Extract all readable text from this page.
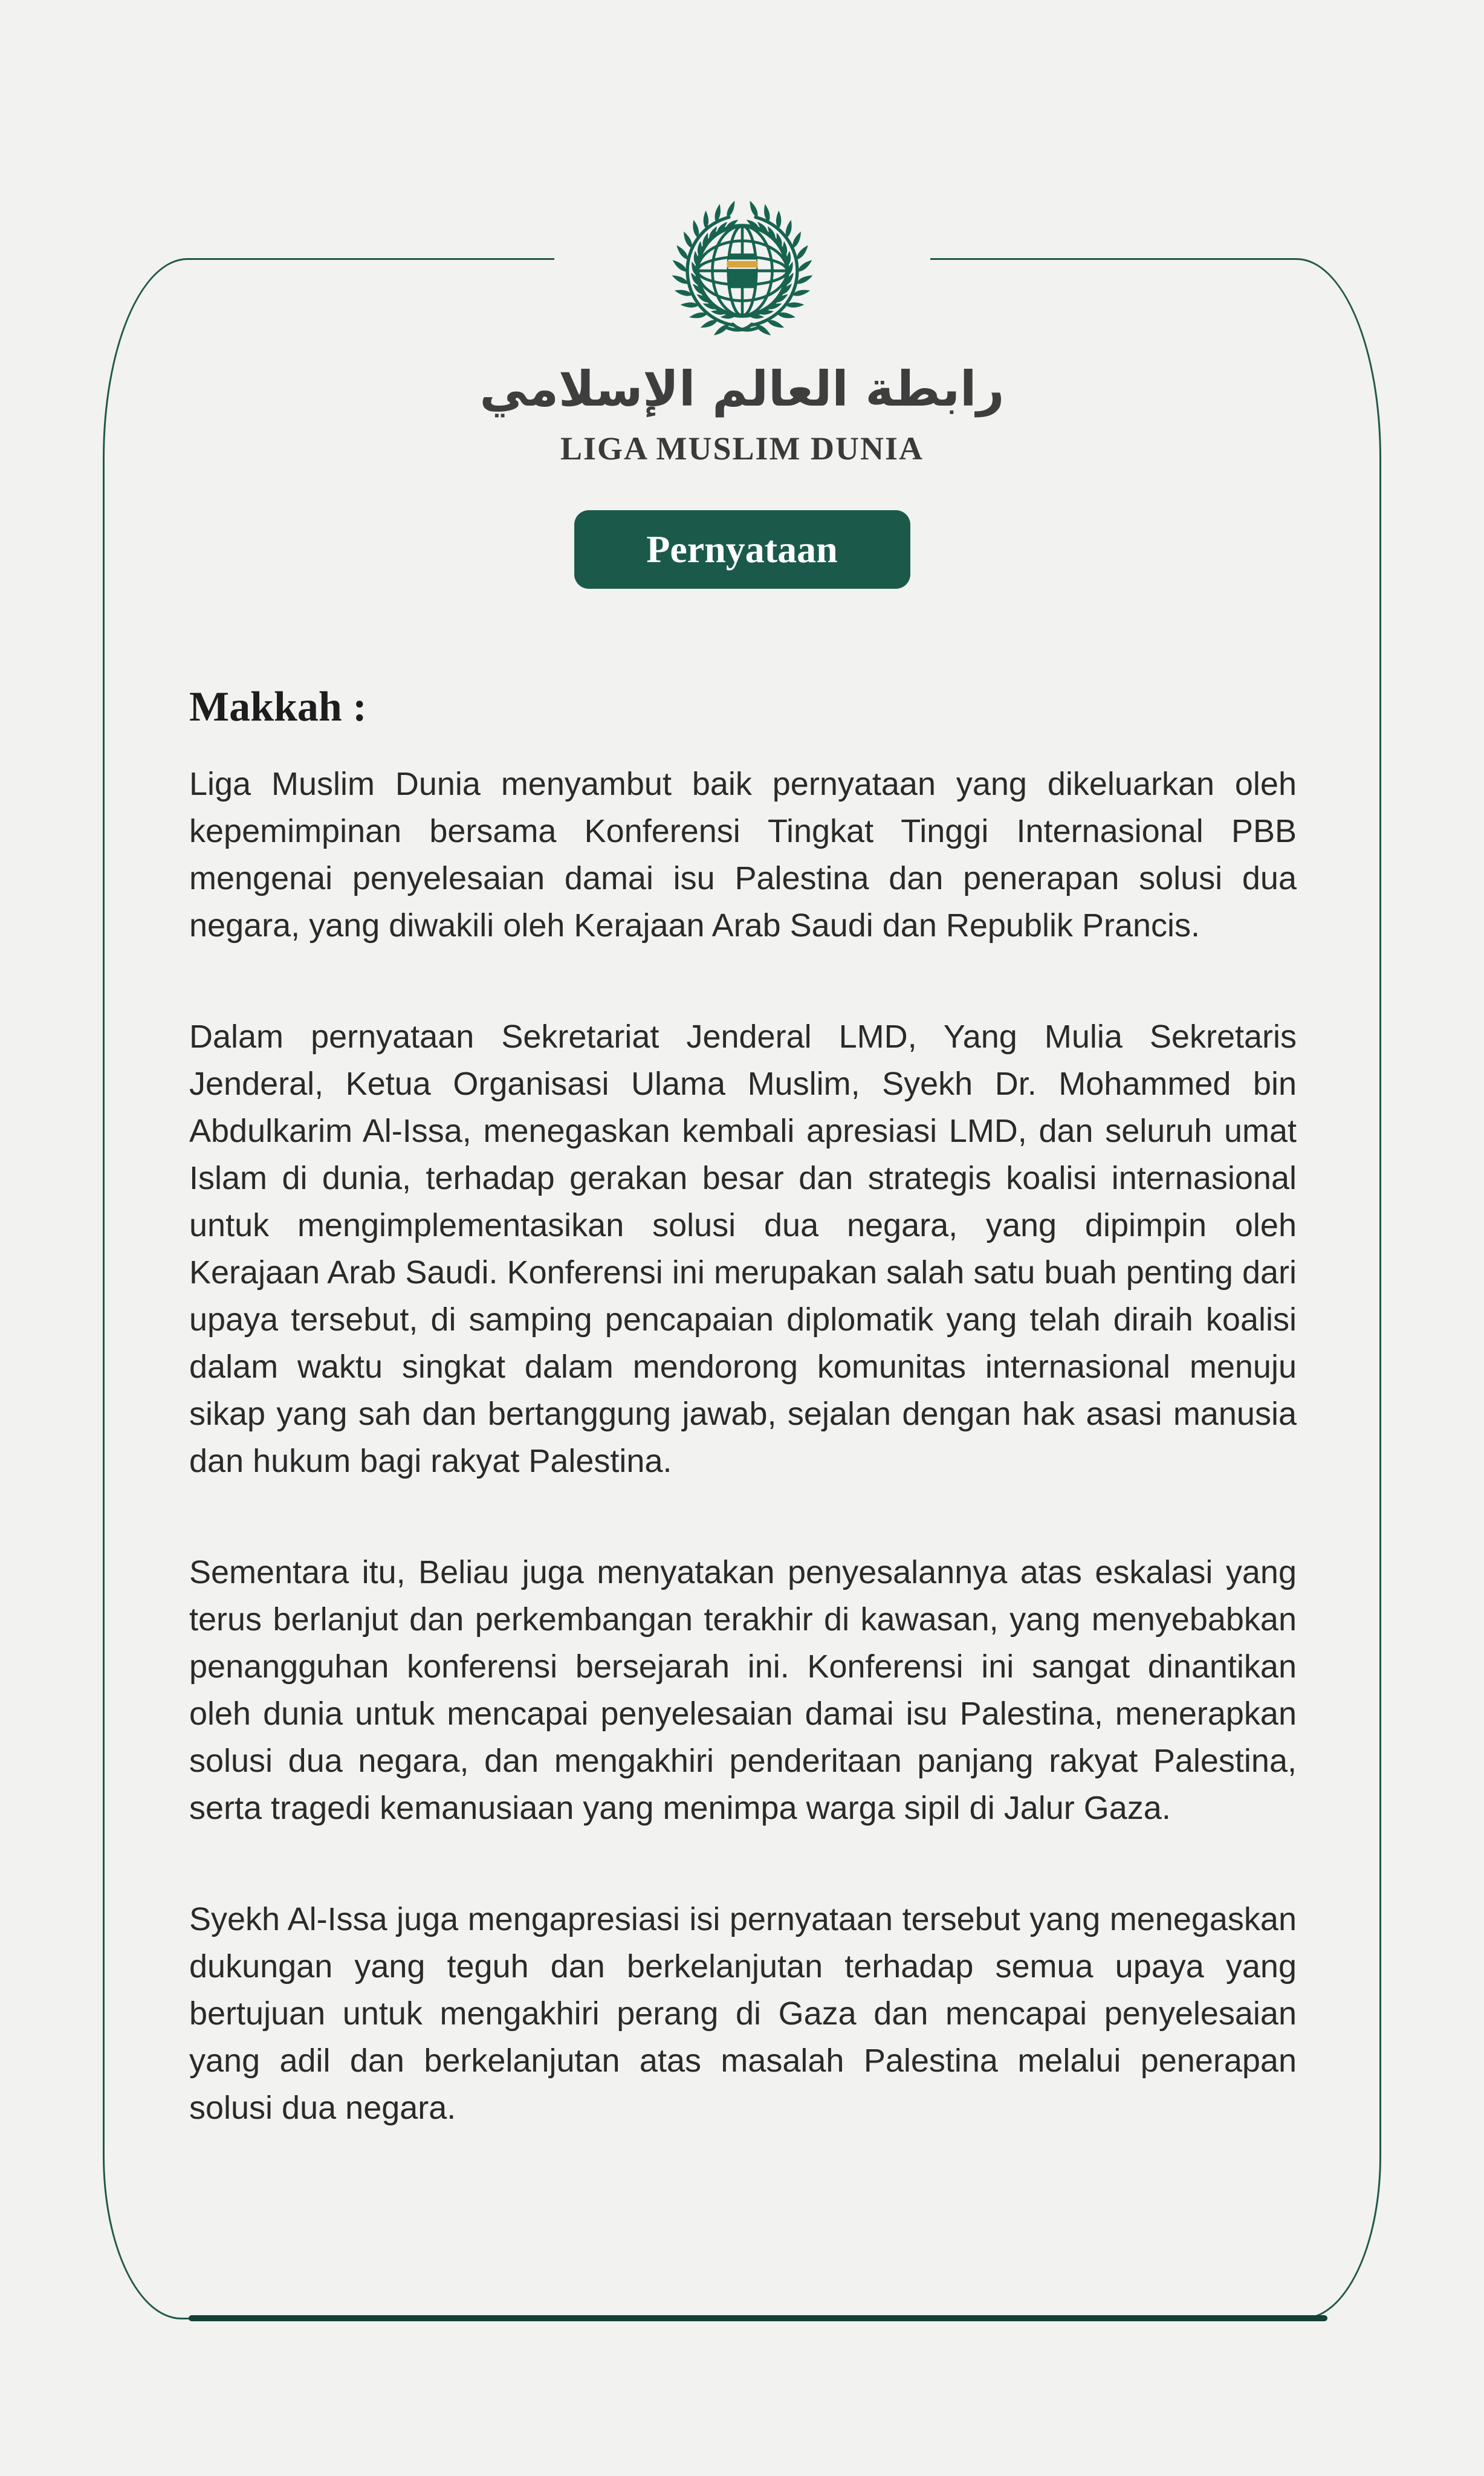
رابطة العالم الإسلامي
LIGA MUSLIM DUNIA
Pernyataan
Makkah :

Liga Muslim Dunia menyambut baik pernyataan yang dikeluarkan oleh kepemimpinan bersama Konferensi Tingkat Tinggi Internasional PBB mengenai penyelesaian damai isu Palestina dan penerapan solusi dua negara, yang diwakili oleh Kerajaan Arab Saudi dan Republik Prancis.

Dalam pernyataan Sekretariat Jenderal LMD, Yang Mulia Sekretaris Jenderal, Ketua Organisasi Ulama Muslim, Syekh Dr. Mohammed bin Abdulkarim Al-Issa, menegaskan kembali apresiasi LMD, dan seluruh umat Islam di dunia, terhadap gerakan besar dan strategis koalisi internasional untuk mengimplementasikan solusi dua negara, yang dipimpin oleh Kerajaan Arab Saudi. Konferensi ini merupakan salah satu buah penting dari upaya tersebut, di samping pencapaian diplomatik yang telah diraih koalisi dalam waktu singkat dalam mendorong komunitas internasional menuju sikap yang sah dan bertanggung jawab, sejalan dengan hak asasi manusia dan hukum bagi rakyat Palestina.

Sementara itu, Beliau juga menyatakan penyesalannya atas eskalasi yang terus berlanjut dan perkembangan terakhir di kawasan, yang menyebabkan penangguhan konferensi bersejarah ini. Konferensi ini sangat dinantikan oleh dunia untuk mencapai penyelesaian damai isu Palestina, menerapkan solusi dua negara, dan mengakhiri penderitaan panjang rakyat Palestina, serta tragedi kemanusiaan yang menimpa warga sipil di Jalur Gaza.

Syekh Al-Issa juga mengapresiasi isi pernyataan tersebut yang menegaskan dukungan yang teguh dan berkelanjutan terhadap semua upaya yang bertujuan untuk mengakhiri perang di Gaza dan mencapai penyelesaian yang adil dan berkelanjutan atas masalah Palestina melalui penerapan solusi dua negara.
